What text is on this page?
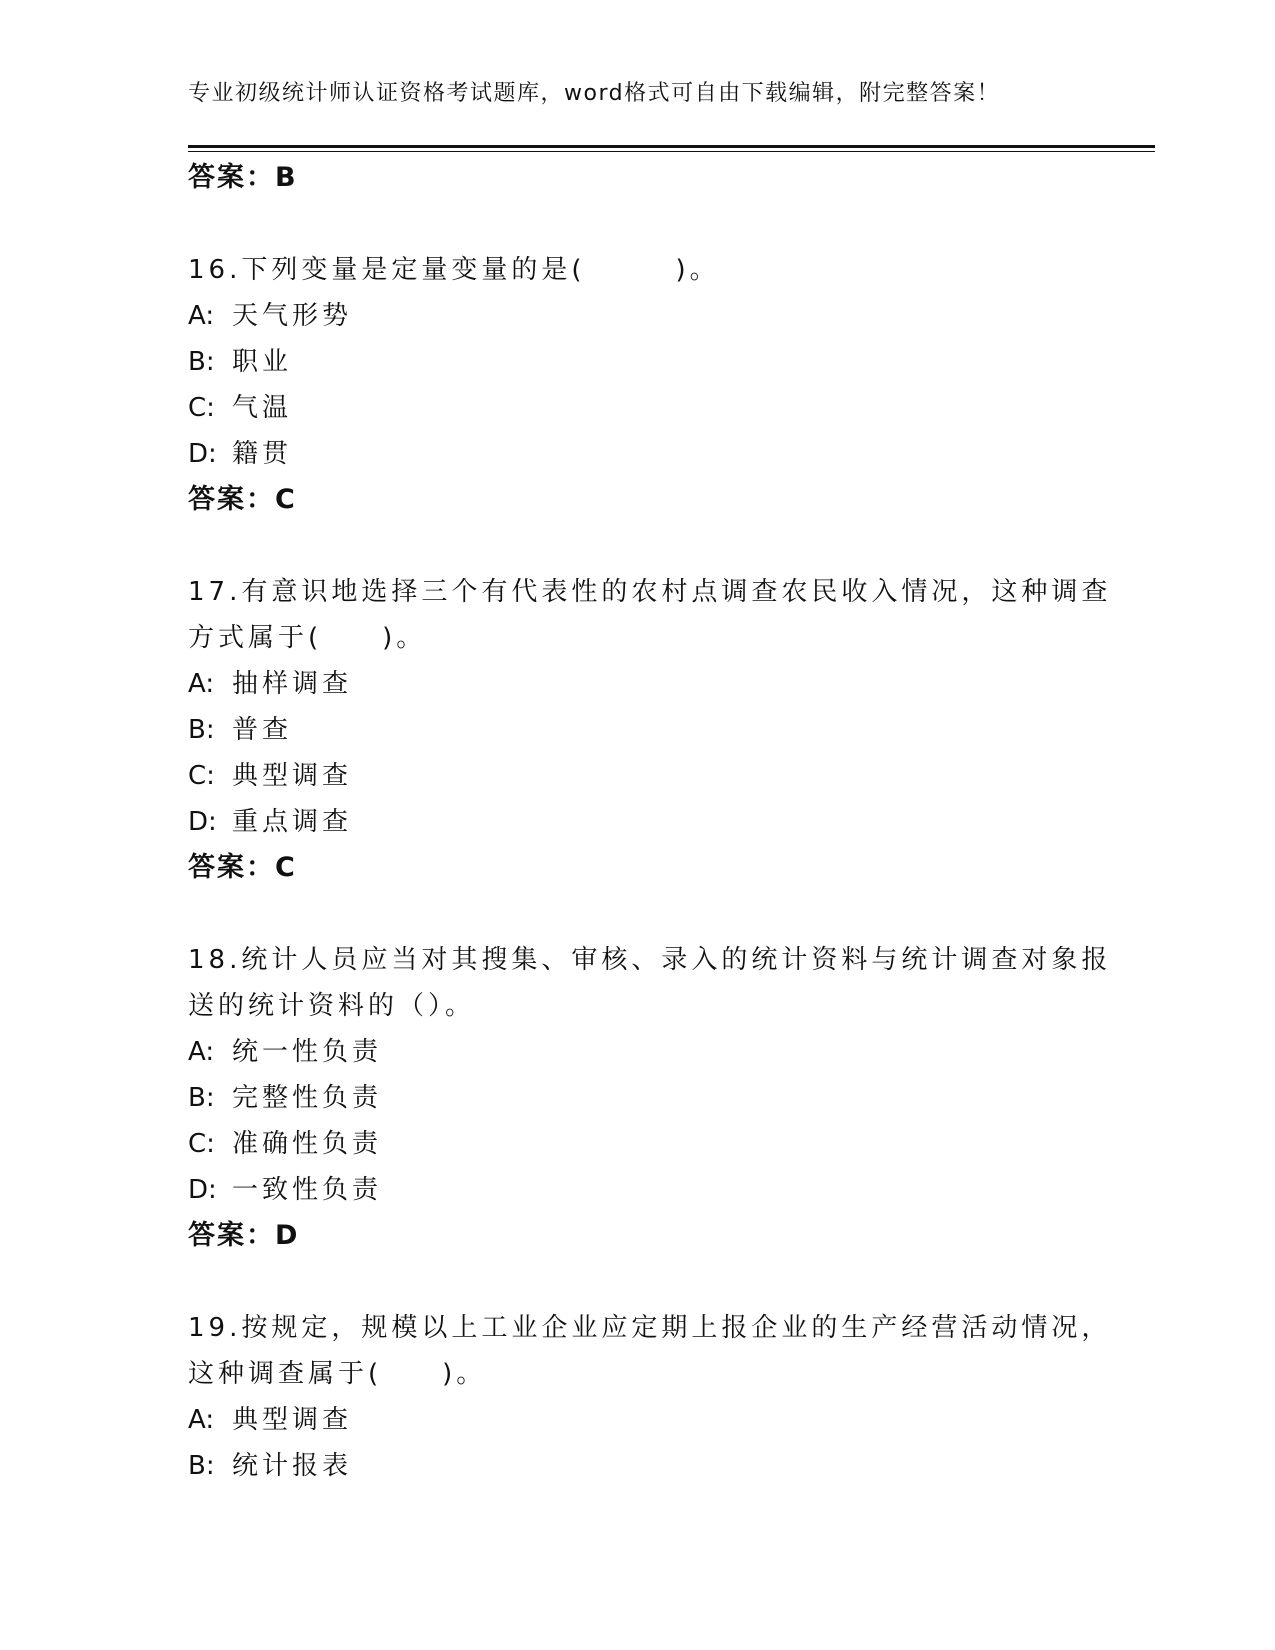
专业初级统计师认证资格考试题库，word格式可自由下载编辑，附完整答案！
答案：B
16.下列变量是定量变量的是(　　　)。
A: 天气形势
B: 职业
C: 气温
D: 籍贯
答案：C
17.有意识地选择三个有代表性的农村点调查农民收入情况，这种调查
方式属于(　　)。
A: 抽样调查
B: 普查
C: 典型调查
D: 重点调查
答案：C
18.统计人员应当对其搜集、审核、录入的统计资料与统计调查对象报
送的统计资料的（）。
A: 统一性负责
B: 完整性负责
C: 准确性负责
D: 一致性负责
答案：D
19.按规定，规模以上工业企业应定期上报企业的生产经营活动情况，
这种调查属于(　　)。
A: 典型调查
B: 统计报表
